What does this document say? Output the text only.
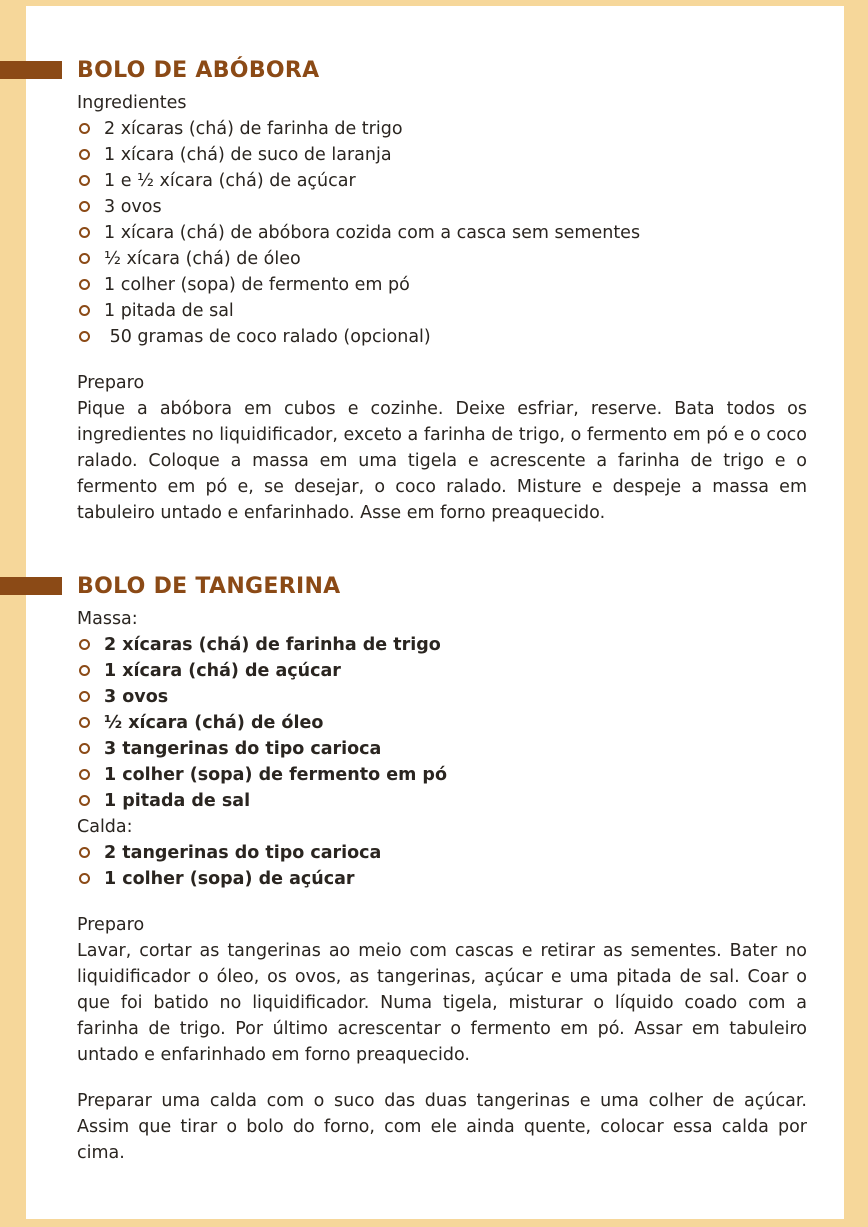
BOLO DE ABÓBORA

Ingredientes

2 xícaras (chá) de farinha de trigo
1 xícara (chá) de suco de laranja
1 e ½ xícara (chá) de açúcar
3 ovos
1 xícara (chá) de abóbora cozida com a casca sem sementes
½ xícara (chá) de óleo
1 colher (sopa) de fermento em pó
1 pitada de sal
50 gramas de coco ralado (opcional)

Preparo

Pique a abóbora em cubos e cozinhe. Deixe esfriar, reserve. Bata todos os ingredientes no liquidificador, exceto a farinha de trigo, o fermento em pó e o coco ralado. Coloque a massa em uma tigela e acrescente a farinha de trigo e o fermento em pó e, se desejar, o coco ralado. Misture e despeje a massa em tabuleiro untado e enfarinhado. Asse em forno preaquecido.

BOLO DE TANGERINA

Massa:

2 xícaras (chá) de farinha de trigo
1 xícara (chá) de açúcar
3 ovos
½ xícara (chá) de óleo
3 tangerinas do tipo carioca
1 colher (sopa) de fermento em pó
1 pitada de sal

Calda:

2 tangerinas do tipo carioca
1 colher (sopa) de açúcar

Preparo

Lavar, cortar as tangerinas ao meio com cascas e retirar as sementes. Bater no liquidificador o óleo, os ovos, as tangerinas, açúcar e uma pitada de sal. Coar o que foi batido no liquidificador. Numa tigela, misturar o líquido coado com a farinha de trigo. Por último acrescentar o fermento em pó. Assar em tabuleiro untado e enfarinhado em forno preaquecido.

Preparar uma calda com o suco das duas tangerinas e uma colher de açúcar. Assim que tirar o bolo do forno, com ele ainda quente, colocar essa calda por cima.
